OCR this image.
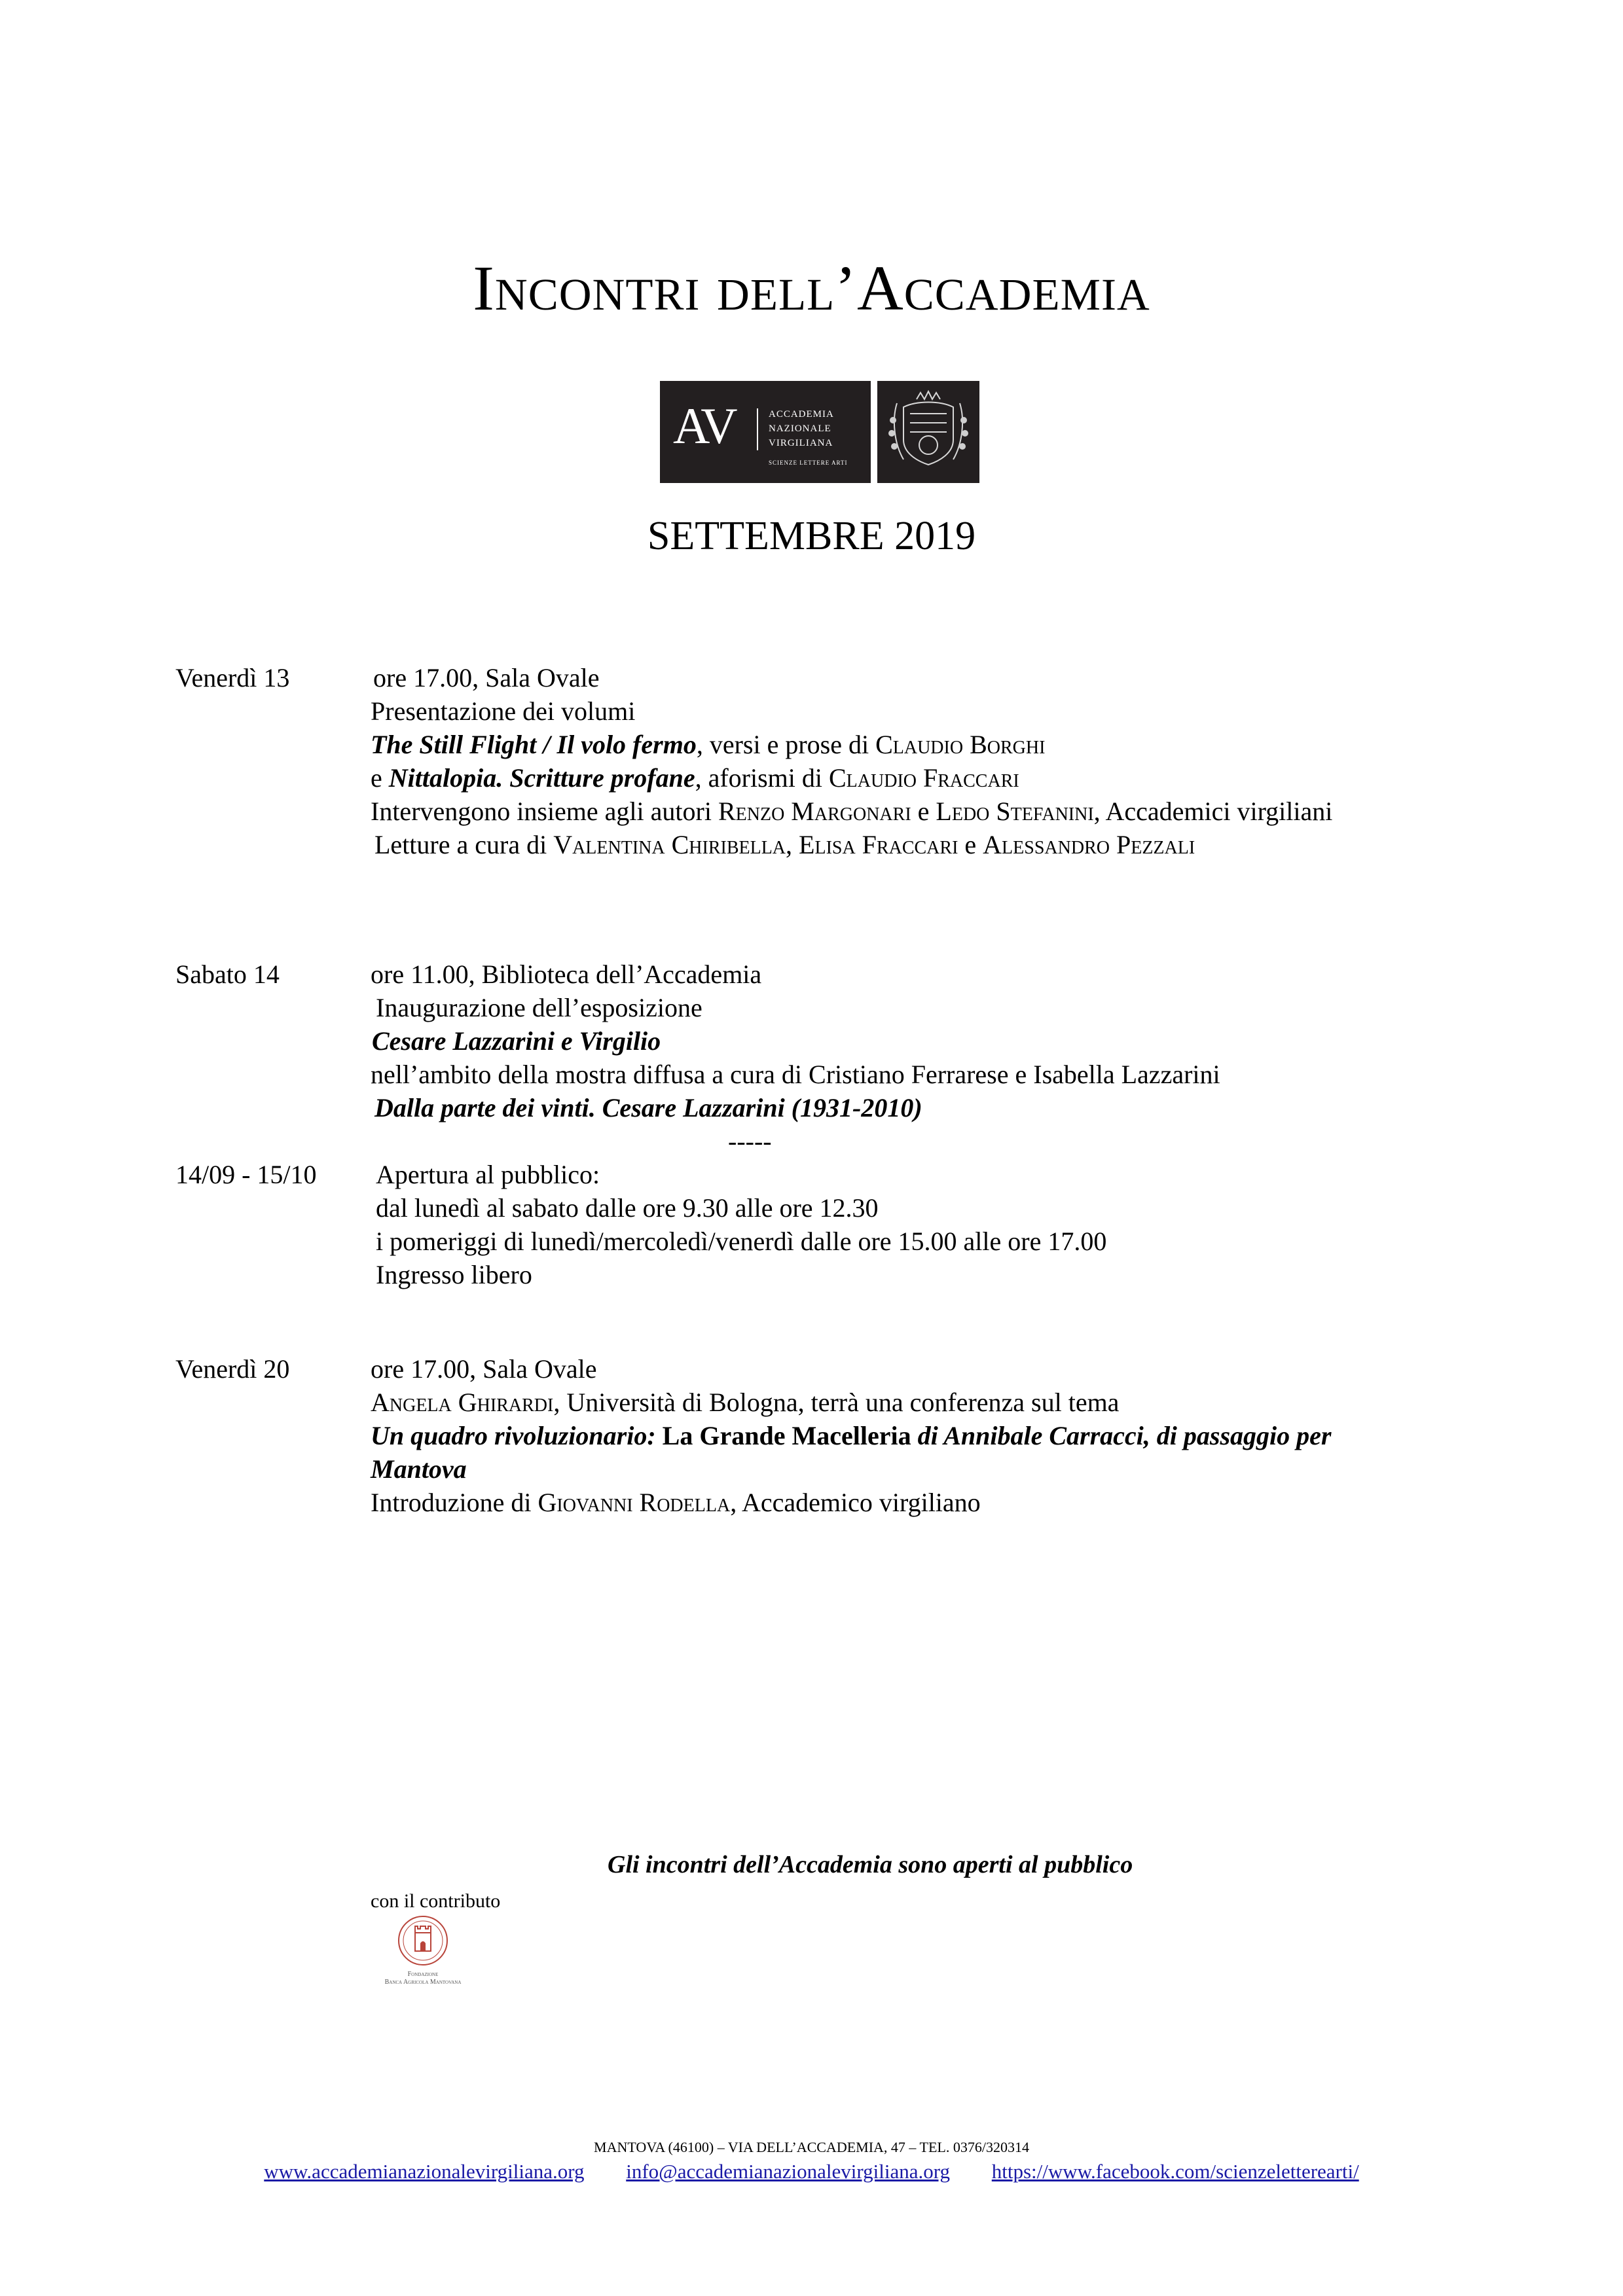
Incontri dell’Accademia
AV	ACCADEMIA
NAZIONALE
VIRGILIANA
SCIENZE LETTERE ARTI
SETTEMBRE 2019
Venerdì 13	ore 17.00, Sala Ovale
Presentazione dei volumi
The Still Flight / Il volo fermo, versi e prose di Claudio Borghi
e Nittalopia. Scritture profane, aforismi di Claudio Fraccari
Intervengono insieme agli autori Renzo Margonari e Ledo Stefanini, Accademici virgiliani
Letture a cura di Valentina Chiribella, Elisa Fraccari e Alessandro Pezzali
Sabato 14	ore 11.00, Biblioteca dell’Accademia
Inaugurazione dell’esposizione
Cesare Lazzarini e Virgilio
nell’ambito della mostra diffusa a cura di Cristiano Ferrarese e Isabella Lazzarini
Dalla parte dei vinti. Cesare Lazzarini (1931-2010)
-----
14/09 - 15/10 Apertura al pubblico:
dal lunedì al sabato dalle ore 9.30 alle ore 12.30
i pomeriggi di lunedì/mercoledì/venerdì dalle ore 15.00 alle ore 17.00
Ingresso libero
Venerdì 20	ore 17.00, Sala Ovale
Angela Ghirardi, Università di Bologna, terrà una conferenza sul tema
Un quadro rivoluzionario: La Grande Macelleria di Annibale Carracci, di passaggio per Mantova
Introduzione di Giovanni Rodella, Accademico virgiliano
Gli incontri dell’Accademia sono aperti al pubblico
con il contributo
Fondazione
Banca Agricola Mantovana
MANTOVA (46100) – VIA DELL’ACCADEMIA, 47 – TEL. 0376/320314
www.accademianazionalevirgiliana.org info@accademianazionalevirgiliana.org https://www.facebook.com/scienzeletterearti/
